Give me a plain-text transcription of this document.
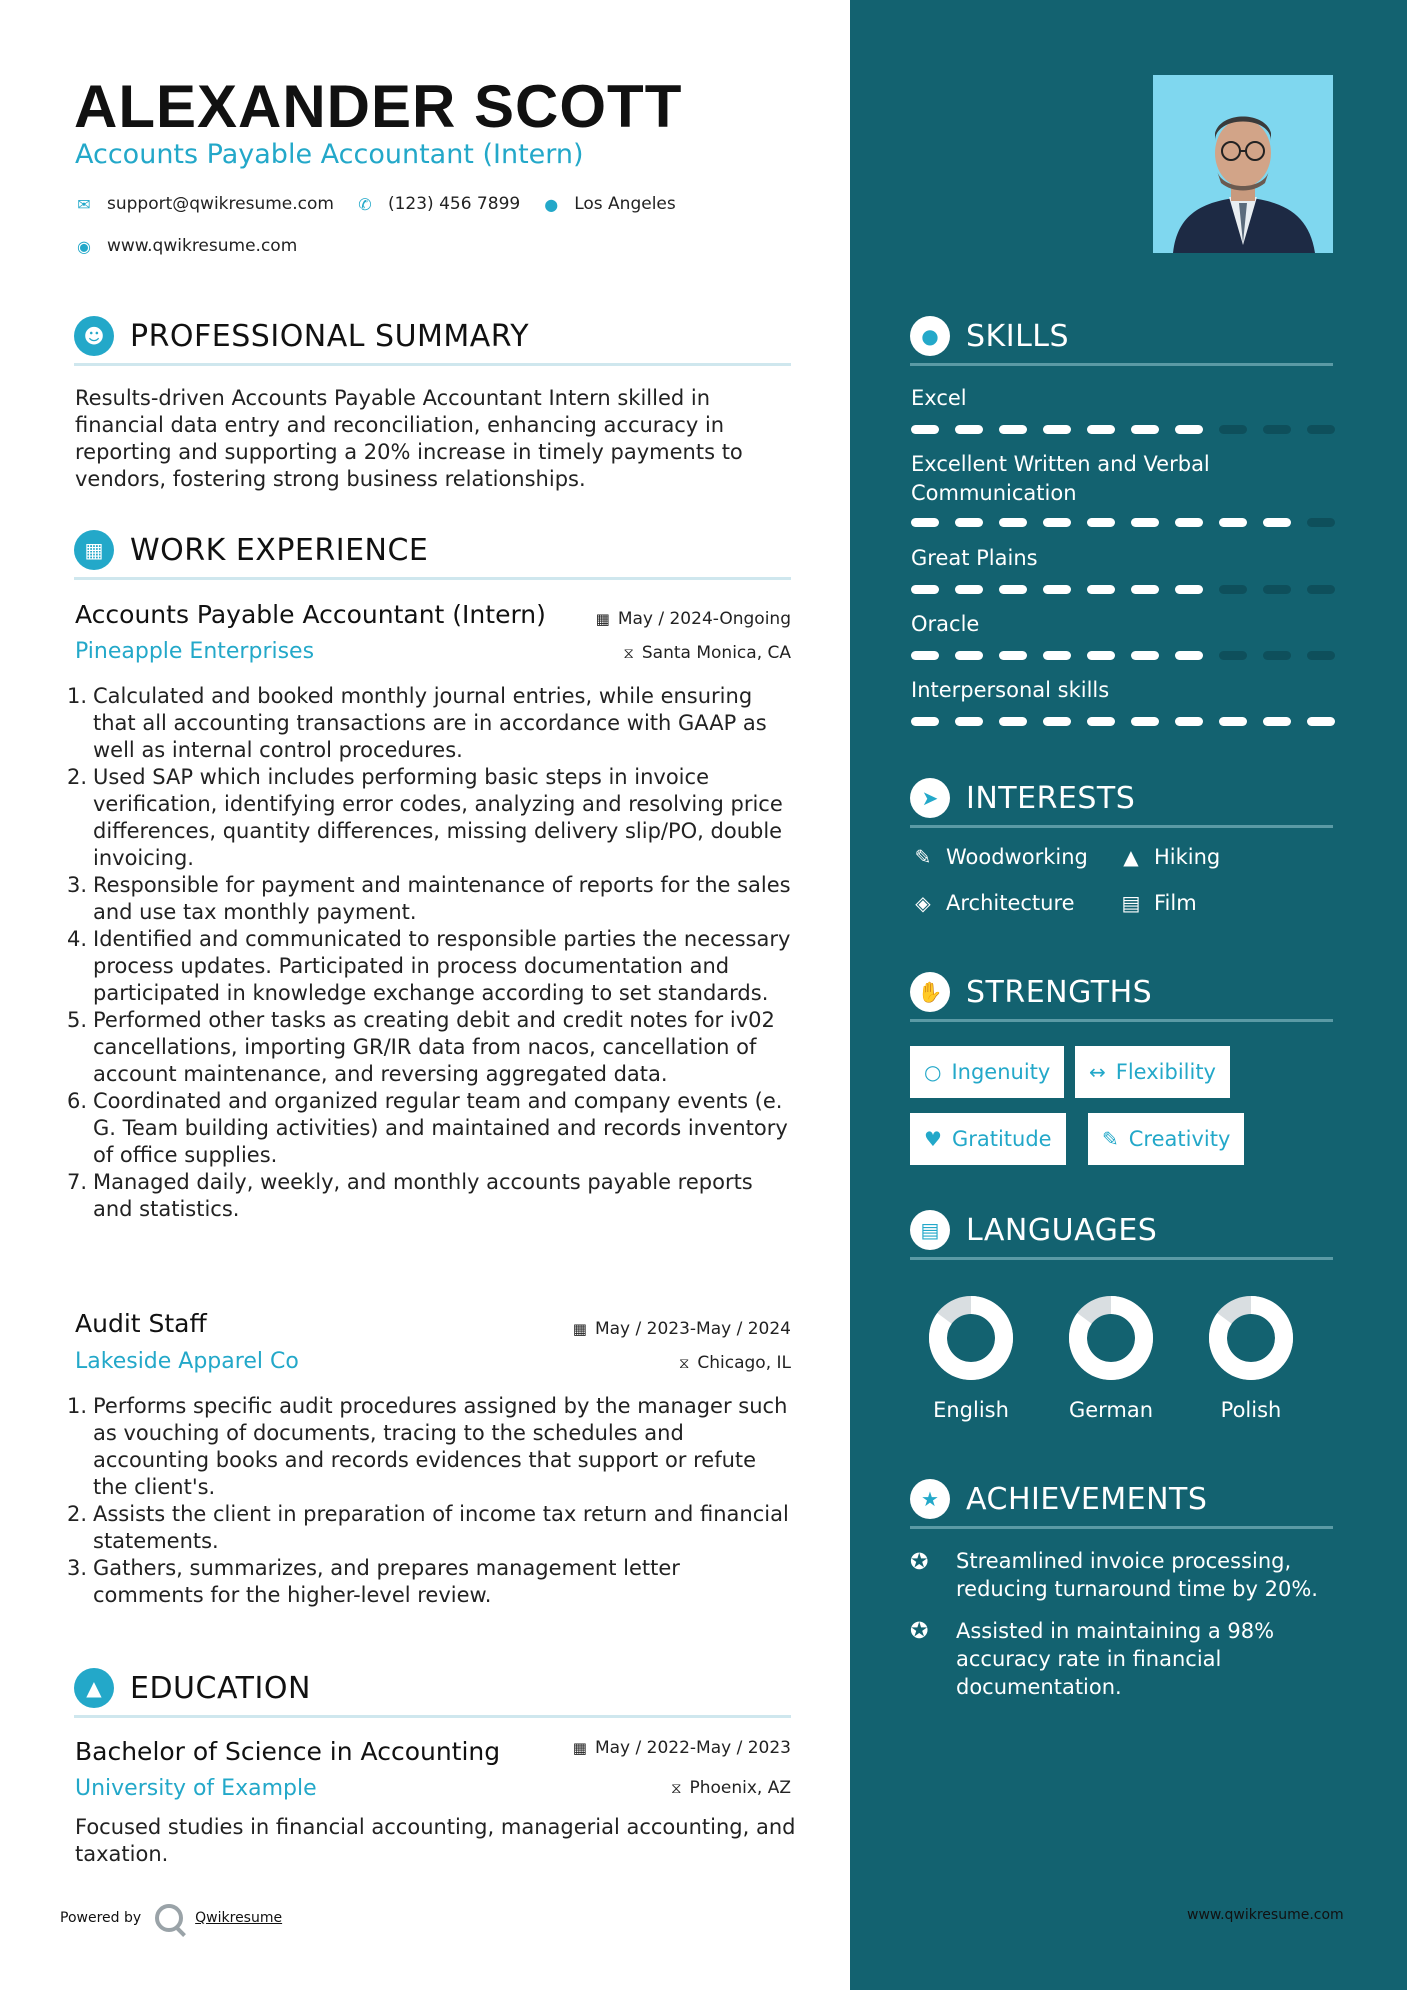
ALEXANDER SCOTT
Accounts Payable Accountant (Intern)
✉ support@qwikresume.com ✆ (123) 456 7899 ● Los Angeles
◉ www.qwikresume.com
☻ PROFESSIONAL SUMMARY
Results-driven Accounts Payable Accountant Intern skilled in financial data entry and reconciliation, enhancing accuracy in reporting and supporting a 20% increase in timely payments to vendors, fostering strong business relationships.
▦ WORK EXPERIENCE
Accounts Payable Accountant (Intern)	▦ May / 2024-Ongoing
Pineapple Enterprises	⧖ Santa Monica, CA
1. Calculated and booked monthly journal entries, while ensuring that all accounting transactions are in accordance with GAAP as well as internal control procedures.
2. Used SAP which includes performing basic steps in invoice verification, identifying error codes, analyzing and resolving price differences, quantity differences, missing delivery slip/PO, double invoicing.
3. Responsible for payment and maintenance of reports for the sales and use tax monthly payment.
4. Identified and communicated to responsible parties the necessary process updates. Participated in process documentation and participated in knowledge exchange according to set standards.
5. Performed other tasks as creating debit and credit notes for iv02 cancellations, importing GR/IR data from nacos, cancellation of account maintenance, and reversing aggregated data.
6. Coordinated and organized regular team and company events (e. G. Team building activities) and maintained and records inventory of office supplies.
7. Managed daily, weekly, and monthly accounts payable reports and statistics.
Audit Staff	▦ May / 2023-May / 2024
Lakeside Apparel Co	⧖ Chicago, IL
1. Performs specific audit procedures assigned by the manager such as vouching of documents, tracing to the schedules and accounting books and records evidences that support or refute the client's.
2. Assists the client in preparation of income tax return and financial statements.
3. Gathers, summarizes, and prepares management letter comments for the higher-level review.
▲ EDUCATION
Bachelor of Science in Accounting	▦ May / 2022-May / 2023
University of Example	⧖ Phoenix, AZ
Focused studies in financial accounting, managerial accounting, and taxation.
Powered by	Qwikresume
● SKILLS
Excel
Excellent Written and Verbal Communication
Great Plains
Oracle
Interpersonal skills
➤ INTERESTS
✎ Woodworking ▲ Hiking
◈ Architecture ▤ Film
✋ STRENGTHS
○ Ingenuity ↔ Flexibility
♥ Gratitude	✎ Creativity
▤ LANGUAGES
English	German	Polish
★ ACHIEVEMENTS
✪ Streamlined invoice processing, reducing turnaround time by 20%.
✪ Assisted in maintaining a 98% accuracy rate in financial documentation.
www.qwikresume.com
